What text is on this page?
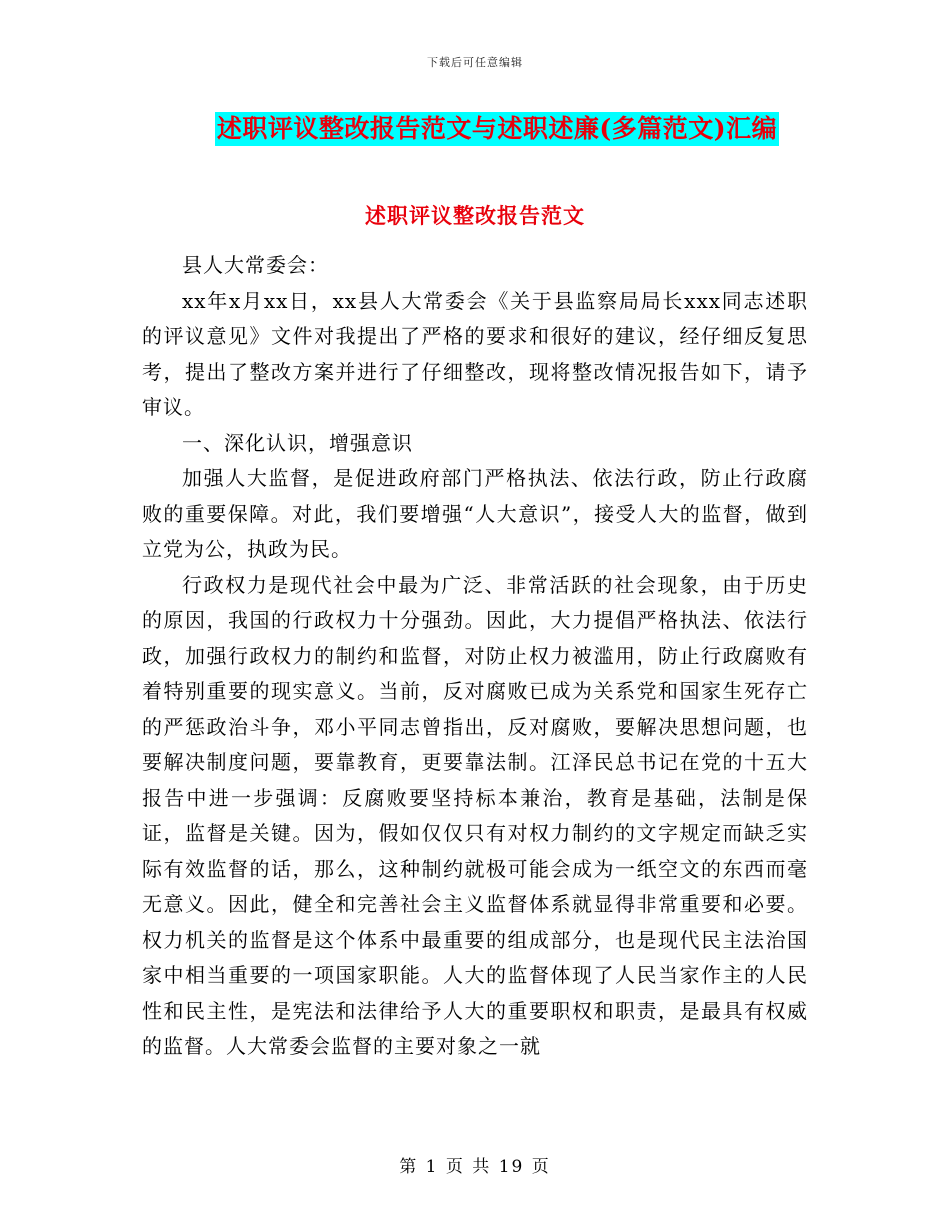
下载后可任意编辑
述职评议整改报告范文与述职述廉(多篇范文)汇编
述职评议整改报告范文

县人大常委会：

xx年x月xx日，xx县人大常委会《关于县监察局局长xxx同志述职的评议意见》文件对我提出了严格的要求和很好的建议，经仔细反复思考，提出了整改方案并进行了仔细整改，现将整改情况报告如下，请予审议。

一、深化认识，增强意识

加强人大监督，是促进政府部门严格执法、依法行政，防止行政腐败的重要保障。对此，我们要增强“人大意识”，接受人大的监督，做到立党为公，执政为民。

行政权力是现代社会中最为广泛、非常活跃的社会现象，由于历史的原因，我国的行政权力十分强劲。因此，大力提倡严格执法、依法行政，加强行政权力的制约和监督，对防止权力被滥用，防止行政腐败有着特别重要的现实意义。当前，反对腐败已成为关系党和国家生死存亡的严惩政治斗争，邓小平同志曾指出，反对腐败，要解决思想问题，也要解决制度问题，要靠教育，更要靠法制。江泽民总书记在党的十五大报告中进一步强调：反腐败要坚持标本兼治，教育是基础，法制是保证，监督是关键。因为，假如仅仅只有对权力制约的文字规定而缺乏实际有效监督的话，那么，这种制约就极可能会成为一纸空文的东西而毫无意义。因此，健全和完善社会主义监督体系就显得非常重要和必要。权力机关的监督是这个体系中最重要的组成部分，也是现代民主法治国家中相当重要的一项国家职能。人大的监督体现了人民当家作主的人民性和民主性，是宪法和法律给予人大的重要职权和职责，是最具有权威的监督。人大常委会监督的主要对象之一就

第 1 页 共 19 页
